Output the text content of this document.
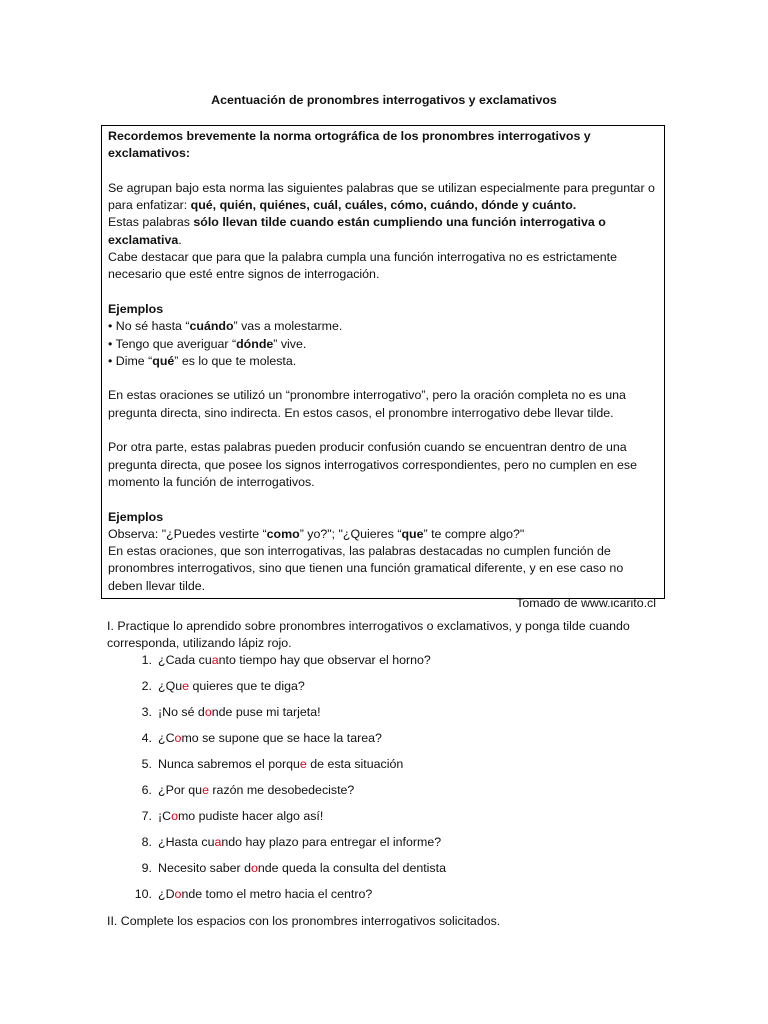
Acentuación de pronombres interrogativos y exclamativos

Recordemos brevemente la norma ortográfica de los pronombres interrogativos y exclamativos:

Se agrupan bajo esta norma las siguientes palabras que se utilizan especialmente para preguntar o para enfatizar: qué, quién, quiénes, cuál, cuáles, cómo, cuándo, dónde y cuánto.

Estas palabras sólo llevan tilde cuando están cumpliendo una función interrogativa o exclamativa.

Cabe destacar que para que la palabra cumpla una función interrogativa no es estrictamente necesario que esté entre signos de interrogación.

Ejemplos

• No sé hasta “cuándo” vas a molestarme.

• Tengo que averiguar “dónde” vive.

• Dime “qué” es lo que te molesta.

En estas oraciones se utilizó un “pronombre interrogativo”, pero la oración completa no es una pregunta directa, sino indirecta. En estos casos, el pronombre interrogativo debe llevar tilde.

Por otra parte, estas palabras pueden producir confusión cuando se encuentran dentro de una pregunta directa, que posee los signos interrogativos correspondientes, pero no cumplen en ese momento la función de interrogativos.

Ejemplos

Observa: "¿Puedes vestirte “como” yo?"; "¿Quieres “que” te compre algo?"

En estas oraciones, que son interrogativas, las palabras destacadas no cumplen función de pronombres interrogativos, sino que tienen una función gramatical diferente, y en ese caso no deben llevar tilde.

Tomado de www.icarito.cl

I. Practique lo aprendido sobre pronombres interrogativos o exclamativos, y ponga tilde cuando corresponda, utilizando lápiz rojo.
1. ¿Cada cuanto tiempo hay que observar el horno?
2. ¿Que quieres que te diga?
3. ¡No sé donde puse mi tarjeta!
4. ¿Como se supone que se hace la tarea?
5. Nunca sabremos el porque de esta situación
6. ¿Por que razón me desobedeciste?
7. ¡Como pudiste hacer algo así!
8. ¿Hasta cuando hay plazo para entregar el informe?
9. Necesito saber donde queda la consulta del dentista
10. ¿Donde tomo el metro hacia el centro?
II. Complete los espacios con los pronombres interrogativos solicitados.
